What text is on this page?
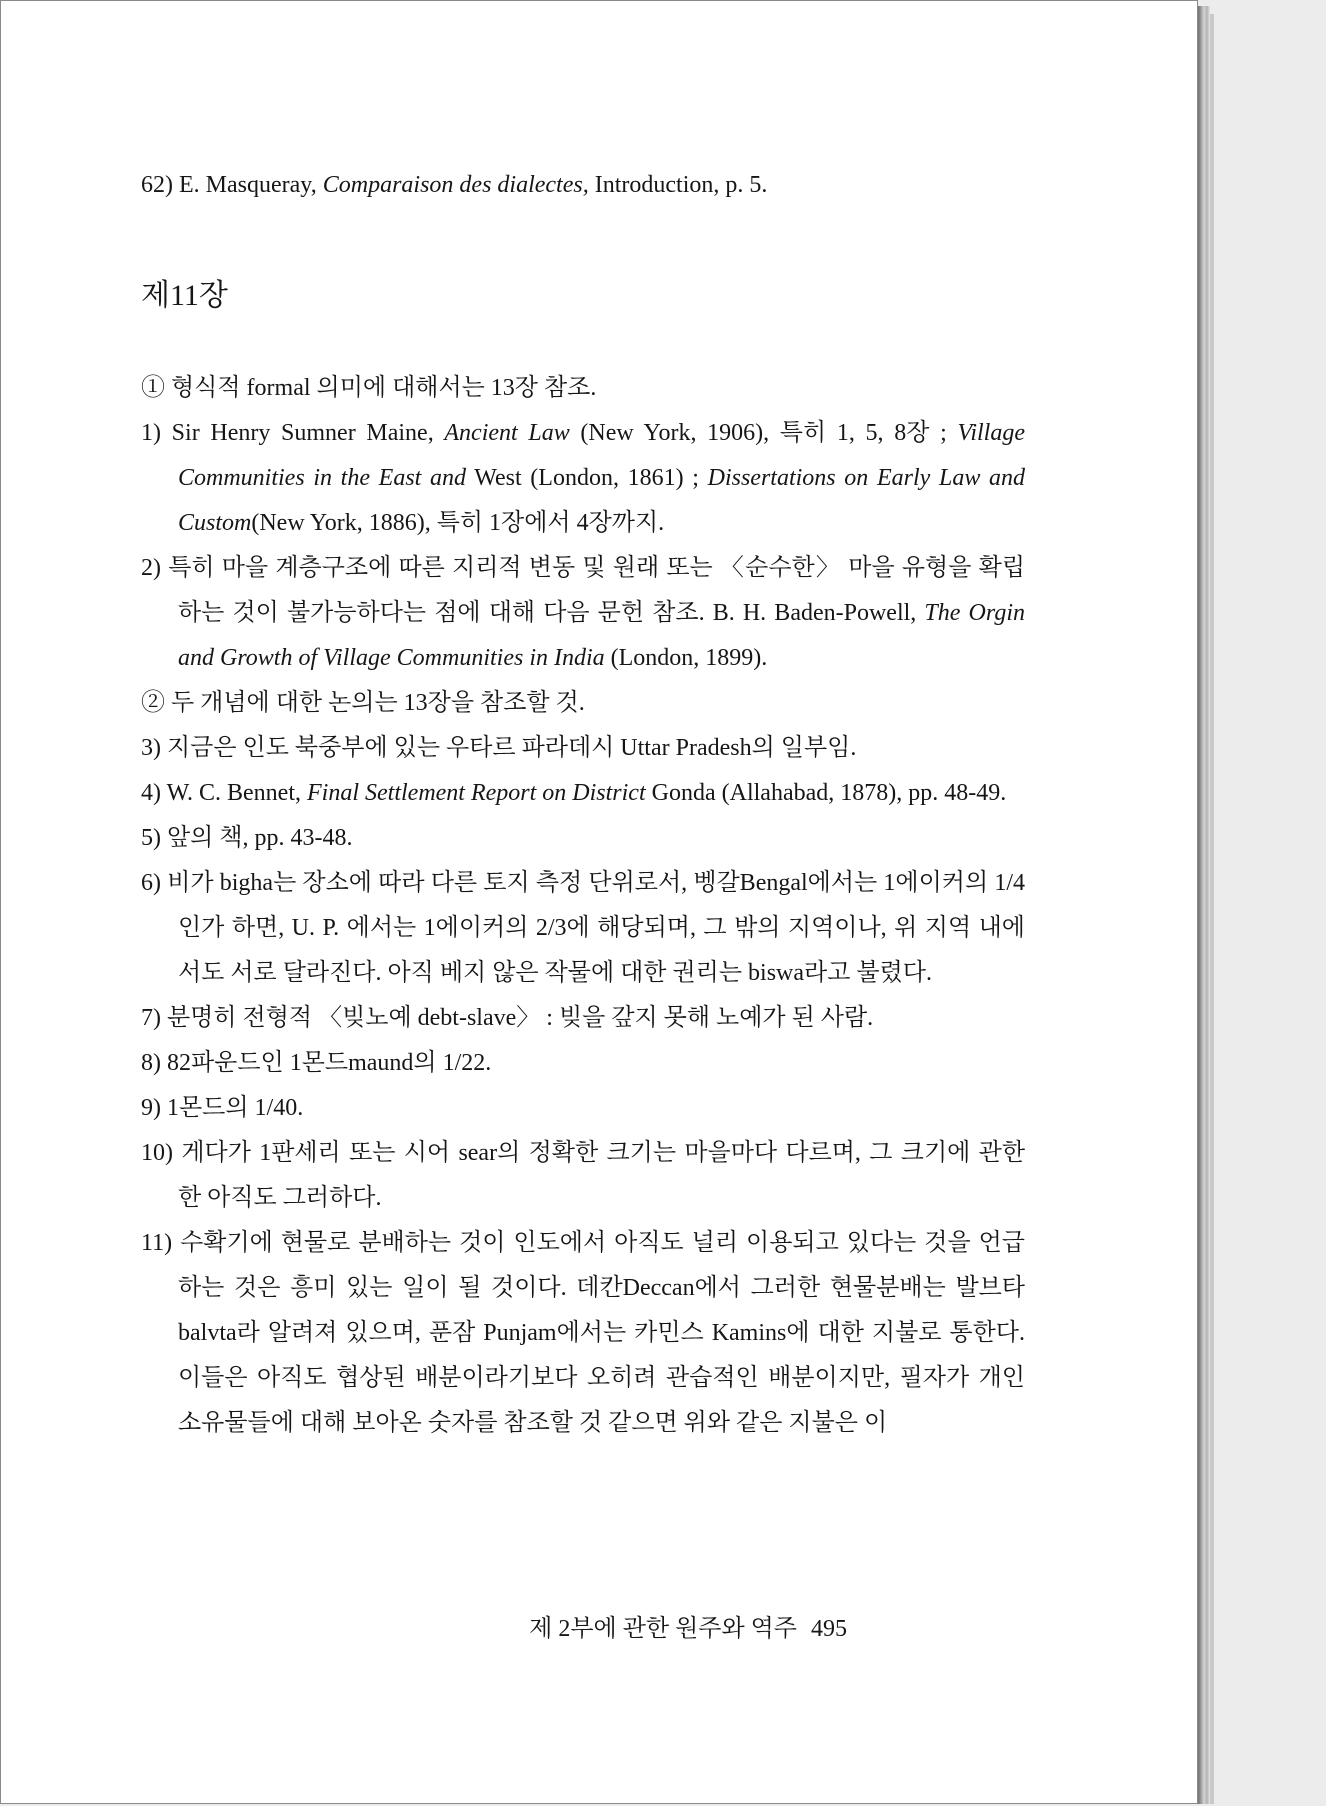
62) E. Masqueray, Comparaison des dialectes, Introduction, p. 5.

제11장
① 형식적 formal 의미에 대해서는 13장 참조.
1) Sir Henry Sumner Maine, Ancient Law (New York, 1906), 특히 1, 5, 8장 ; Village Communities in the East and West (London, 1861) ; Dissertations on Early Law and Custom(New York, 1886), 특히 1장에서 4장까지.
2) 특히 마을 계층구조에 따른 지리적 변동 및 원래 또는 〈순수한〉 마을 유형을 확립하는 것이 불가능하다는 점에 대해 다음 문헌 참조. B. H. Baden-Powell, The Orgin and Growth of Village Communities in India (London, 1899).
② 두 개념에 대한 논의는 13장을 참조할 것.
3) 지금은 인도 북중부에 있는 우타르 파라데시 Uttar Pradesh의 일부임.
4) W. C. Bennet, Final Settlement Report on District Gonda (Allahabad, 1878), pp. 48-49.
5) 앞의 책, pp. 43-48.
6) 비가 bigha는 장소에 따라 다른 토지 측정 단위로서, 벵갈Bengal에서는 1에이커의 1/4인가 하면, U. P. 에서는 1에이커의 2/3에 해당되며, 그 밖의 지역이나, 위 지역 내에서도 서로 달라진다. 아직 베지 않은 작물에 대한 권리는 biswa라고 불렸다.
7) 분명히 전형적 〈빚노예 debt-slave〉 : 빚을 갚지 못해 노예가 된 사람.
8) 82파운드인 1몬드maund의 1/22.
9) 1몬드의 1/40.
10) 게다가 1판세리 또는 시어 sear의 정확한 크기는 마을마다 다르며, 그 크기에 관한 한 아직도 그러하다.
11) 수확기에 현물로 분배하는 것이 인도에서 아직도 널리 이용되고 있다는 것을 언급하는 것은 흥미 있는 일이 될 것이다. 데칸Deccan에서 그러한 현물분배는 발브타 balvta라 알려져 있으며, 푼잠 Punjam에서는 카민스 Kamins에 대한 지불로 통한다. 이들은 아직도 협상된 배분이라기보다 오히려 관습적인 배분이지만, 필자가 개인 소유물들에 대해 보아온 숫자를 참조할 것 같으면 위와 같은 지불은 이
제 2부에 관한 원주와 역주 495
